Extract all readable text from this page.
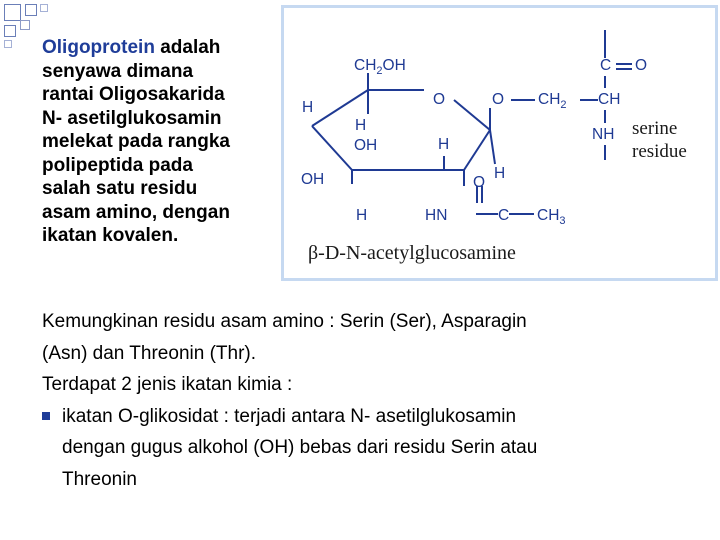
Oligoprotein adalah
senyawa dimana
rantai Oligosakarida
N- asetilglukosamin
melekat pada rangka
polipeptida pada
salah satu residu
asam amino, dengan
ikatan kovalen.
$CH_2OH$
H	O	O $CH_2$ CH
C O
NH
H
OH	H
OH	O
H
H	HN	C $CH_3$
serine
residue
β-D-N-acetylglucosamine
Kemungkinan residu asam amino : Serin (Ser), Asparagin
(Asn) dan Threonin (Thr).
Terdapat 2 jenis ikatan kimia :
ikatan O-glikosidat : terjadi antara N- asetilglukosamin
dengan gugus alkohol (OH) bebas dari residu Serin atau
Threonin
